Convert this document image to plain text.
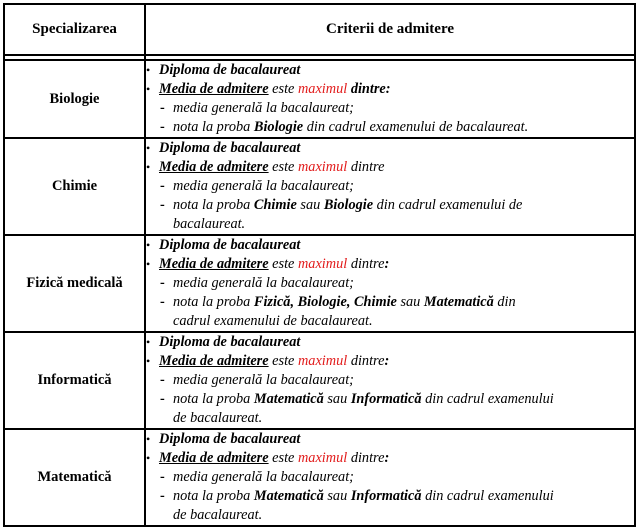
Specializarea	Criterii de admitere

Biologie	• Diploma de bacalaureat
• Media de admitere este maximul dintre:
- media generală la bacalaureat;
- nota la proba Biologie din cadrul examenului de bacalaureat.

Chimie	• Diploma de bacalaureat
• Media de admitere este maximul dintre
- media generală la bacalaureat;
- nota la proba Chimie sau Biologie din cadrul examenului de
bacalaureat.

Fizică medicală	• Diploma de bacalaureat
• Media de admitere este maximul dintre:
- media generală la bacalaureat;
- nota la proba Fizică, Biologie, Chimie sau Matematică din
cadrul examenului de bacalaureat.

Informatică	• Diploma de bacalaureat
• Media de admitere este maximul dintre:
- media generală la bacalaureat;
- nota la proba Matematică sau Informatică din cadrul examenului
de bacalaureat.

Matematică	• Diploma de bacalaureat
• Media de admitere este maximul dintre:
- media generală la bacalaureat;
- nota la proba Matematică sau Informatică din cadrul examenului
de bacalaureat.
